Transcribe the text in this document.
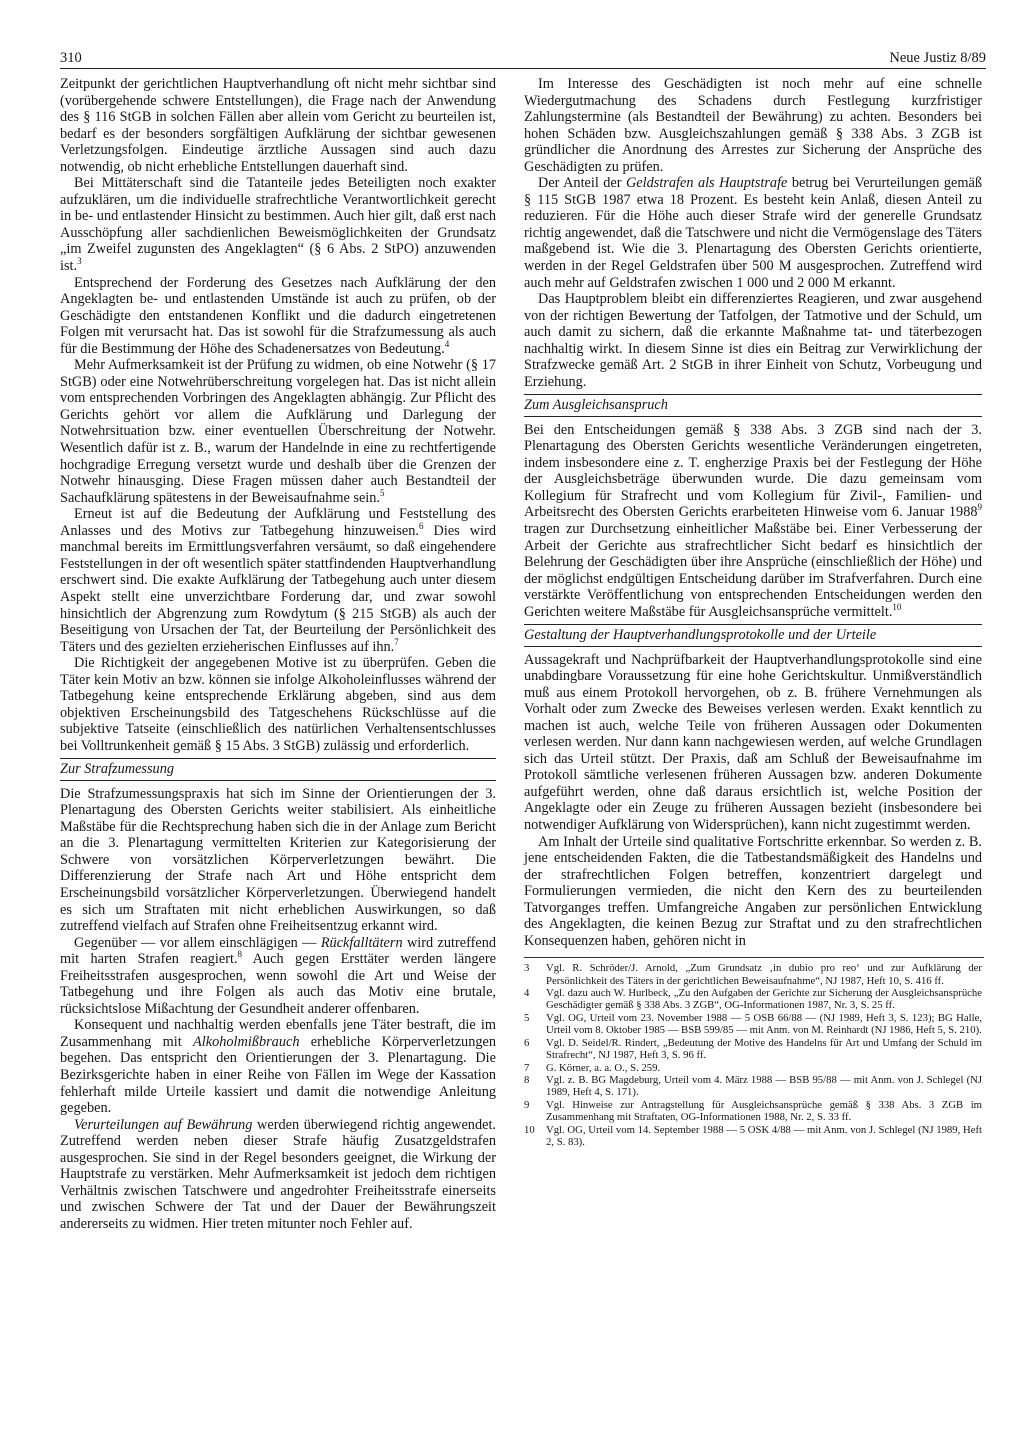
310	Neue Justiz 8/89

Zeitpunkt der gerichtlichen Hauptverhandlung oft nicht mehr sichtbar sind (vorübergehende schwere Entstellungen), die Frage nach der Anwendung des § 116 StGB in solchen Fällen aber allein vom Gericht zu beurteilen ist, bedarf es der besonders sorgfältigen Aufklärung der sichtbar gewesenen Verletzungsfolgen. Eindeutige ärztliche Aussagen sind auch dazu notwendig, ob nicht erhebliche Entstellungen dauerhaft sind.

Bei Mittäterschaft sind die Tatanteile jedes Beteiligten noch exakter aufzuklären, um die individuelle strafrechtliche Verantwortlichkeit gerecht in be- und entlastender Hinsicht zu bestimmen. Auch hier gilt, daß erst nach Ausschöpfung aller sachdienlichen Beweismöglichkeiten der Grundsatz „im Zweifel zugunsten des Angeklagten“ (§ 6 Abs. 2 StPO) anzuwenden ist.$^3$

Entsprechend der Forderung des Gesetzes nach Aufklärung der den Angeklagten be- und entlastenden Umstände ist auch zu prüfen, ob der Geschädigte den entstandenen Konflikt und die dadurch eingetretenen Folgen mit verursacht hat. Das ist sowohl für die Strafzumessung als auch für die Bestimmung der Höhe des Schadenersatzes von Bedeutung.$^4$

Mehr Aufmerksamkeit ist der Prüfung zu widmen, ob eine Notwehr (§ 17 StGB) oder eine Notwehrüberschreitung vorgelegen hat. Das ist nicht allein vom entsprechenden Vorbringen des Angeklagten abhängig. Zur Pflicht des Gerichts gehört vor allem die Aufklärung und Darlegung der Notwehrsituation bzw. einer eventuellen Überschreitung der Notwehr. Wesentlich dafür ist z. B., warum der Handelnde in eine zu rechtfertigende hochgradige Erregung versetzt wurde und deshalb über die Grenzen der Notwehr hinausging. Diese Fragen müssen daher auch Bestandteil der Sachaufklärung spätestens in der Beweisaufnahme sein.$^5$

Erneut ist auf die Bedeutung der Aufklärung und Feststellung des Anlasses und des Motivs zur Tatbegehung hinzuweisen.$^6$ Dies wird manchmal bereits im Ermittlungsverfahren versäumt, so daß eingehendere Feststellungen in der oft wesentlich später stattfindenden Hauptverhandlung erschwert sind. Die exakte Aufklärung der Tatbegehung auch unter diesem Aspekt stellt eine unverzichtbare Forderung dar, und zwar sowohl hinsichtlich der Abgrenzung zum Rowdytum (§ 215 StGB) als auch der Beseitigung von Ursachen der Tat, der Beurteilung der Persönlichkeit des Täters und des gezielten erzieherischen Einflusses auf ihn.$^7$

Die Richtigkeit der angegebenen Motive ist zu überprüfen. Geben die Täter kein Motiv an bzw. können sie infolge Alkoholeinflusses während der Tatbegehung keine entsprechende Erklärung abgeben, sind aus dem objektiven Erscheinungsbild des Tatgeschehens Rückschlüsse auf die subjektive Tatseite (einschließlich des natürlichen Verhaltensentschlusses bei Volltrunkenheit gemäß § 15 Abs. 3 StGB) zulässig und erforderlich.

Zur Strafzumessung

Die Strafzumessungspraxis hat sich im Sinne der Orientierungen der 3. Plenartagung des Obersten Gerichts weiter stabilisiert. Als einheitliche Maßstäbe für die Rechtsprechung haben sich die in der Anlage zum Bericht an die 3. Plenartagung vermittelten Kriterien zur Kategorisierung der Schwere von vorsätzlichen Körperverletzungen bewährt. Die Differenzierung der Strafe nach Art und Höhe entspricht dem Erscheinungsbild vorsätzlicher Körperverletzungen. Überwiegend handelt es sich um Straftaten mit nicht erheblichen Auswirkungen, so daß zutreffend vielfach auf Strafen ohne Freiheitsentzug erkannt wird.

Gegenüber — vor allem einschlägigen — Rückfalltätern wird zutreffend mit harten Strafen reagiert.$^8$ Auch gegen Ersttäter werden längere Freiheitsstrafen ausgesprochen, wenn sowohl die Art und Weise der Tatbegehung und ihre Folgen als auch das Motiv eine brutale, rücksichtslose Mißachtung der Gesundheit anderer offenbaren.

Konsequent und nachhaltig werden ebenfalls jene Täter bestraft, die im Zusammenhang mit Alkoholmißbrauch erhebliche Körperverletzungen begehen. Das entspricht den Orientierungen der 3. Plenartagung. Die Bezirksgerichte haben in einer Reihe von Fällen im Wege der Kassation fehlerhaft milde Urteile kassiert und damit die notwendige Anleitung gegeben.

Verurteilungen auf Bewährung werden überwiegend richtig angewendet. Zutreffend werden neben dieser Strafe häufig Zusatzgeldstrafen ausgesprochen. Sie sind in der Regel besonders geeignet, die Wirkung der Hauptstrafe zu verstärken. Mehr Aufmerksamkeit ist jedoch dem richtigen Verhältnis zwischen Tatschwere und angedrohter Freiheitsstrafe einerseits und zwischen Schwere der Tat und der Dauer der Bewährungszeit andererseits zu widmen. Hier treten mitunter noch Fehler auf.

Im Interesse des Geschädigten ist noch mehr auf eine schnelle Wiedergutmachung des Schadens durch Festlegung kurzfristiger Zahlungstermine (als Bestandteil der Bewährung) zu achten. Besonders bei hohen Schäden bzw. Ausgleichszahlungen gemäß § 338 Abs. 3 ZGB ist gründlicher die Anordnung des Arrestes zur Sicherung der Ansprüche des Geschädigten zu prüfen.

Der Anteil der Geldstrafen als Hauptstrafe betrug bei Verurteilungen gemäß § 115 StGB 1987 etwa 18 Prozent. Es besteht kein Anlaß, diesen Anteil zu reduzieren. Für die Höhe auch dieser Strafe wird der generelle Grundsatz richtig angewendet, daß die Tatschwere und nicht die Vermögenslage des Täters maßgebend ist. Wie die 3. Plenartagung des Obersten Gerichts orientierte, werden in der Regel Geldstrafen über 500 M ausgesprochen. Zutreffend wird auch mehr auf Geldstrafen zwischen 1 000 und 2 000 M erkannt.

Das Hauptproblem bleibt ein differenziertes Reagieren, und zwar ausgehend von der richtigen Bewertung der Tatfolgen, der Tatmotive und der Schuld, um auch damit zu sichern, daß die erkannte Maßnahme tat- und täterbezogen nachhaltig wirkt. In diesem Sinne ist dies ein Beitrag zur Verwirklichung der Strafzwecke gemäß Art. 2 StGB in ihrer Einheit von Schutz, Vorbeugung und Erziehung.

Zum Ausgleichsanspruch

Bei den Entscheidungen gemäß § 338 Abs. 3 ZGB sind nach der 3. Plenartagung des Obersten Gerichts wesentliche Veränderungen eingetreten, indem insbesondere eine z. T. engherzige Praxis bei der Festlegung der Höhe der Ausgleichsbeträge überwunden wurde. Die dazu gemeinsam vom Kollegium für Strafrecht und vom Kollegium für Zivil-, Familien- und Arbeitsrecht des Obersten Gerichts erarbeiteten Hinweise vom 6. Januar 1988$^9$ tragen zur Durchsetzung einheitlicher Maßstäbe bei. Einer Verbesserung der Arbeit der Gerichte aus strafrechtlicher Sicht bedarf es hinsichtlich der Belehrung der Geschädigten über ihre Ansprüche (einschließlich der Höhe) und der möglichst endgültigen Entscheidung darüber im Strafverfahren. Durch eine verstärkte Veröffentlichung von entsprechenden Entscheidungen werden den Gerichten weitere Maßstäbe für Ausgleichsansprüche vermittelt.$^{10}$

Gestaltung der Hauptverhandlungsprotokolle und der Urteile

Aussagekraft und Nachprüfbarkeit der Hauptverhandlungsprotokolle sind eine unabdingbare Voraussetzung für eine hohe Gerichtskultur. Unmißverständlich muß aus einem Protokoll hervorgehen, ob z. B. frühere Vernehmungen als Vorhalt oder zum Zwecke des Beweises verlesen werden. Exakt kenntlich zu machen ist auch, welche Teile von früheren Aussagen oder Dokumenten verlesen werden. Nur dann kann nachgewiesen werden, auf welche Grundlagen sich das Urteil stützt. Der Praxis, daß am Schluß der Beweisaufnahme im Protokoll sämtliche verlesenen früheren Aussagen bzw. anderen Dokumente aufgeführt werden, ohne daß daraus ersichtlich ist, welche Position der Angeklagte oder ein Zeuge zu früheren Aussagen bezieht (insbesondere bei notwendiger Aufklärung von Widersprüchen), kann nicht zugestimmt werden.

Am Inhalt der Urteile sind qualitative Fortschritte erkennbar. So werden z. B. jene entscheidenden Fakten, die die Tatbestandsmäßigkeit des Handelns und der strafrechtlichen Folgen betreffen, konzentriert dargelegt und Formulierungen vermieden, die nicht den Kern des zu beurteilenden Tatvorganges treffen. Umfangreiche Angaben zur persönlichen Entwicklung des Angeklagten, die keinen Bezug zur Straftat und zu den strafrechtlichen Konsequenzen haben, gehören nicht in

3	Vgl. R. Schröder/J. Arnold, „Zum Grundsatz ‚in dubio pro reo‘ und zur Aufklärung der Persönlichkeit des Täters in der gerichtlichen Beweisaufnahme“, NJ 1987, Heft 10, S. 416 ff.
4	Vgl. dazu auch W. Hurlbeck, „Zu den Aufgaben der Gerichte zur Sicherung der Ausgleichsansprüche Geschädigter gemäß § 338 Abs. 3 ZGB“, OG-Informationen 1987, Nr. 3, S. 25 ff.
5	Vgl. OG, Urteil vom 23. November 1988 — 5 OSB 66/88 — (NJ 1989, Heft 3, S. 123); BG Halle, Urteil vom 8. Oktober 1985 — BSB 599/85 — mit Anm. von M. Reinhardt (NJ 1986, Heft 5, S. 210).
6	Vgl. D. Seidel/R. Rindert, „Bedeutung der Motive des Handelns für Art und Umfang der Schuld im Strafrecht“, NJ 1987, Heft 3, S. 96 ff.
7	G. Körner, a. a. O., S. 259.
8	Vgl. z. B. BG Magdeburg, Urteil vom 4. März 1988 — BSB 95/88 — mit Anm. von J. Schlegel (NJ 1989, Heft 4, S. 171).
9	Vgl. Hinweise zur Antragstellung für Ausgleichsansprüche gemäß § 338 Abs. 3 ZGB im Zusammenhang mit Straftaten, OG-Informationen 1988, Nr. 2, S. 33 ff.
10	Vgl. OG, Urteil vom 14. September 1988 — 5 OSK 4/88 — mit Anm. von J. Schlegel (NJ 1989, Heft 2, S. 83).
